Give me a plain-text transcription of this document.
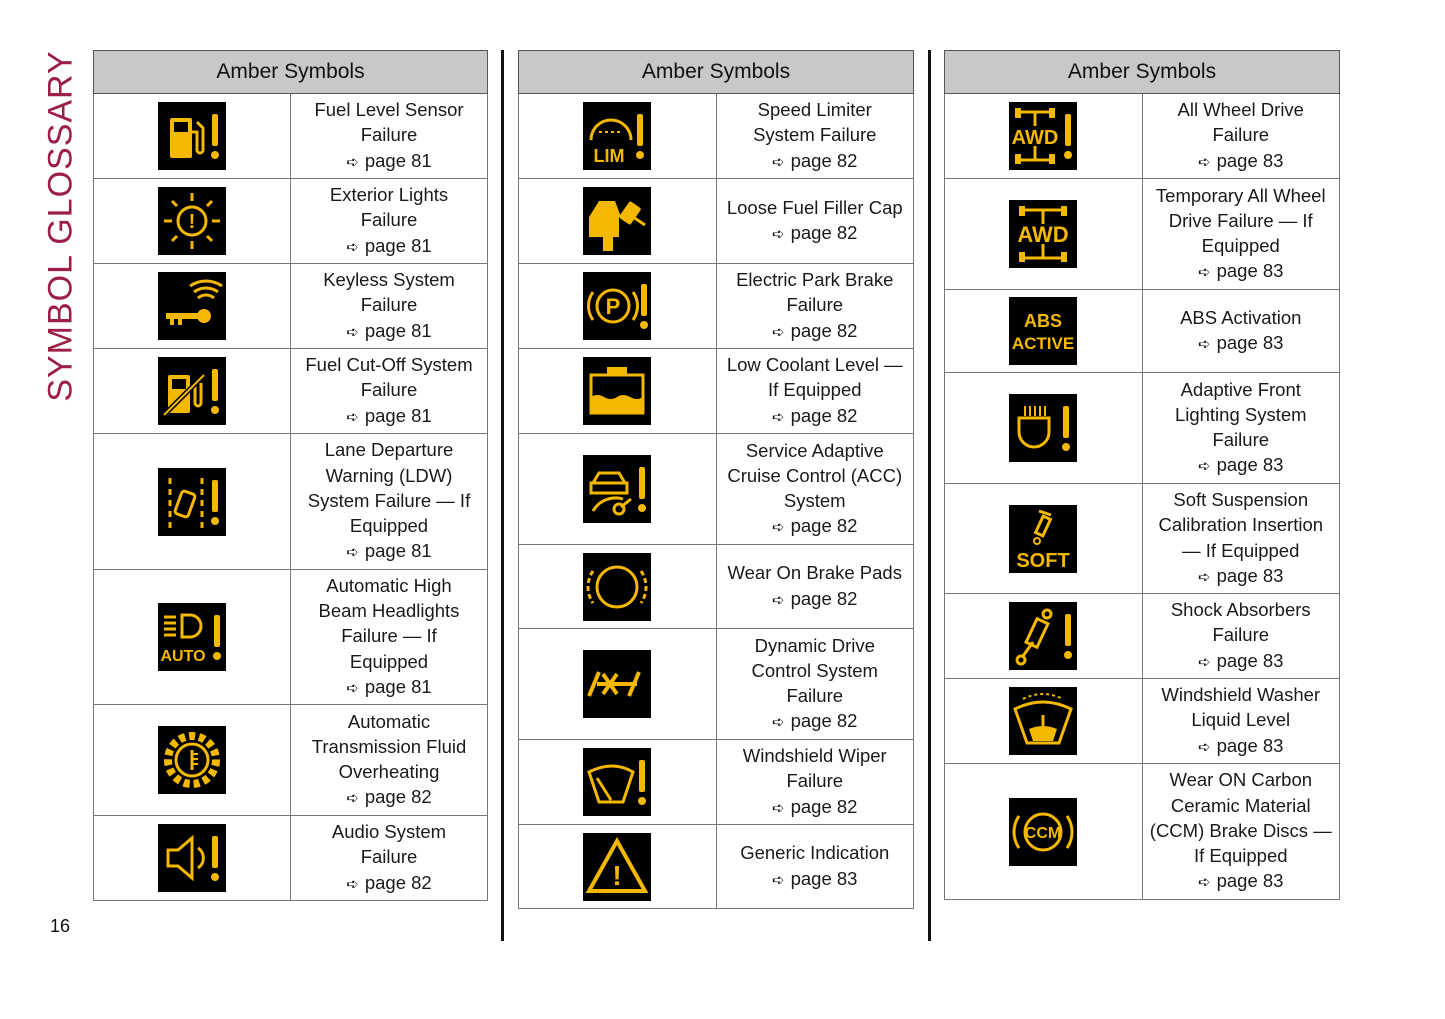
SYMBOL GLOSSARY
16
Amber Symbols	

Fuel Level Sensor
Failure
➪ page 81

!	Exterior Lights
Failure
➪ page 81

Keyless System
Failure
➪ page 81

Fuel Cut-Off System
Failure
➪ page 81

Lane Departure
Warning (LDW)
System Failure — If
Equipped
➪ page 81

AUTO	Automatic High
Beam Headlights
Failure — If
Equipped
➪ page 81

Automatic
Transmission Fluid
Overheating
➪ page 82

Audio System
Failure
➪ page 82
Amber Symbols	

LIM	Speed Limiter
System Failure
➪ page 82

Loose Fuel Filler Cap
➪ page 82

P	Electric Park Brake
Failure
➪ page 82

Low Coolant Level —
If Equipped
➪ page 82

Service Adaptive
Cruise Control (ACC)
System
➪ page 82

Wear On Brake Pads
➪ page 82

Dynamic Drive
Control System
Failure
➪ page 82

Windshield Wiper
Failure
➪ page 82

!	Generic Indication
➪ page 83
Amber Symbols	

AWD	All Wheel Drive
Failure
➪ page 83

AWD	Temporary All Wheel
Drive Failure — If
Equipped
➪ page 83

ABS
ACTIVE	ABS Activation
➪ page 83

Adaptive Front
Lighting System
Failure
➪ page 83

SOFT	Soft Suspension
Calibration Insertion
— If Equipped
➪ page 83

Shock Absorbers
Failure
➪ page 83

Windshield Washer
Liquid Level
➪ page 83

CCM	Wear ON Carbon
Ceramic Material
(CCM) Brake Discs —
If Equipped
➪ page 83
